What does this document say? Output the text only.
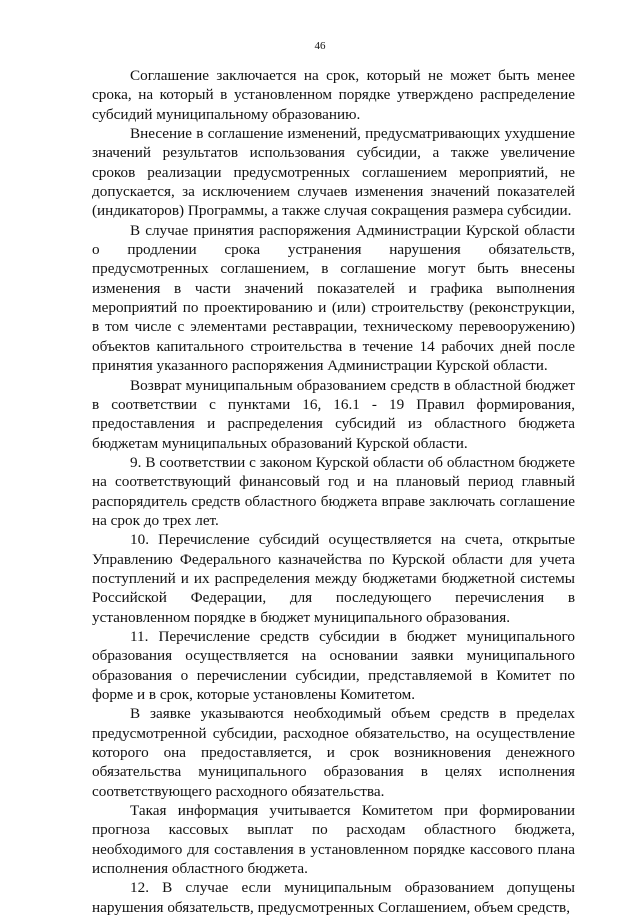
46

Соглашение заключается на срок, который не может быть менее срока, на который в установленном порядке утверждено распределение субсидий муниципальному образованию.

Внесение в соглашение изменений, предусматривающих ухудшение значений результатов использования субсидии, а также увеличение сроков реализации предусмотренных соглашением мероприятий, не допускается, за исключением случаев изменения значений показателей (индикаторов) Программы, а также случая сокращения размера субсидии.

В случае принятия распоряжения Администрации Курской области о продлении срока устранения нарушения обязательств, предусмотренных соглашением, в соглашение могут быть внесены изменения в части значений показателей и графика выполнения мероприятий по проектированию и (или) строительству (реконструкции, в том числе с элементами реставрации, техническому перевооружению) объектов капитального строительства в течение 14 рабочих дней после принятия указанного распоряжения Администрации Курской области.

Возврат муниципальным образованием средств в областной бюджет в соответствии с пунктами 16, 16.1 - 19 Правил формирования, предоставления и распределения субсидий из областного бюджета бюджетам муниципальных образований Курской области.

9. В соответствии с законом Курской области об областном бюджете на соответствующий финансовый год и на плановый период главный распорядитель средств областного бюджета вправе заключать соглашение на срок до трех лет.

10. Перечисление субсидий осуществляется на счета, открытые Управлению Федерального казначейства по Курской области для учета поступлений и их распределения между бюджетами бюджетной системы Российской Федерации, для последующего перечисления в установленном порядке в бюджет муниципального образования.

11. Перечисление средств субсидии в бюджет муниципального образования осуществляется на основании заявки муниципального образования о перечислении субсидии, представляемой в Комитет по форме и в срок, которые установлены Комитетом.

В заявке указываются необходимый объем средств в пределах предусмотренной субсидии, расходное обязательство, на осуществление которого она предоставляется, и срок возникновения денежного обязательства муниципального образования в целях исполнения соответствующего расходного обязательства.

Такая информация учитывается Комитетом при формировании прогноза кассовых выплат по расходам областного бюджета, необходимого для составления в установленном порядке кассового плана исполнения областного бюджета.

12. В случае если муниципальным образованием допущены нарушения обязательств, предусмотренных Соглашением, объем средств,
